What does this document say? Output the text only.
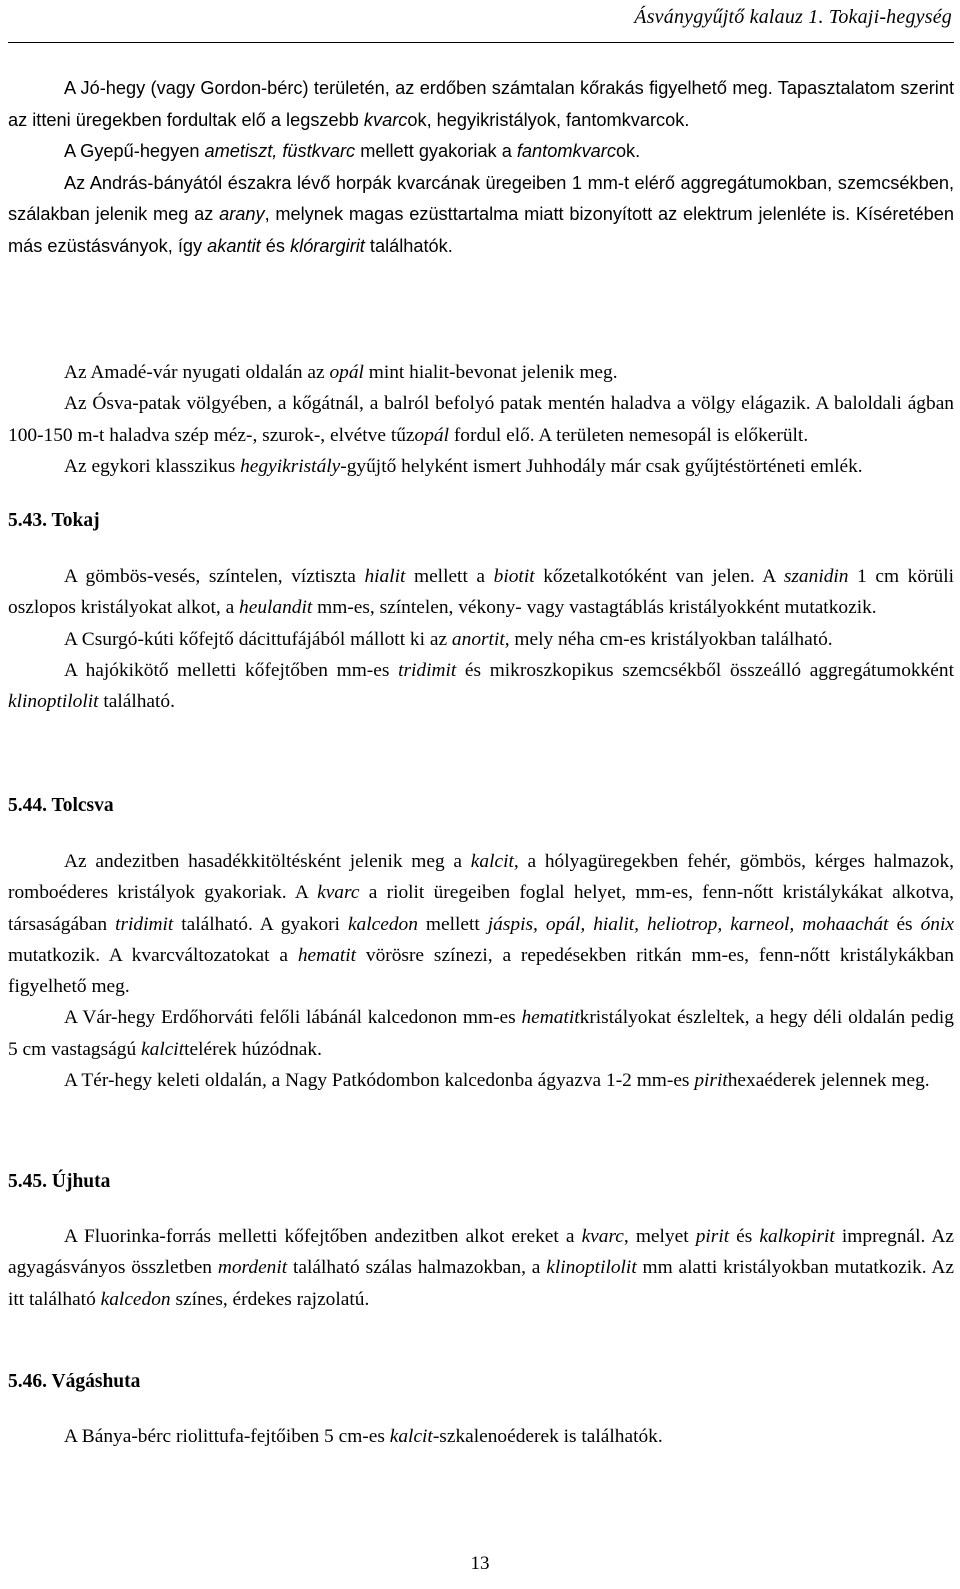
Ásványgyűjtő kalauz 1. Tokaji-hegység

A Jó-hegy (vagy Gordon-bérc) területén, az erdőben számtalan kőrakás figyelhető meg. Tapasztalatom szerint az itteni üregekben fordultak elő a legszebb kvarcok, hegyikristályok, fantomkvarcok.

A Gyepű-hegyen ametiszt, füstkvarc mellett gyakoriak a fantomkvarcok.

Az András-bányától északra lévő horpák kvarcának üregeiben 1 mm-t elérő aggregátumokban, szemcsékben, szálakban jelenik meg az arany, melynek magas ezüsttartalma miatt bizonyított az elektrum jelenléte is. Kíséretében más ezüstásványok, így akantit és klórargirit találhatók.

Az Amadé-vár nyugati oldalán az opál mint hialit-bevonat jelenik meg.

Az Ósva-patak völgyében, a kőgátnál, a balról befolyó patak mentén haladva a völgy elágazik. A baloldali ágban 100-150 m-t haladva szép méz-, szurok-, elvétve tűzopál fordul elő. A területen nemesopál is előkerült.

Az egykori klasszikus hegyikristály-gyűjtő helyként ismert Juhhodály már csak gyűjtéstörténeti emlék.

5.43. Tokaj

A gömbös-vesés, színtelen, víztiszta hialit mellett a biotit kőzetalkotóként van jelen. A szanidin 1 cm körüli oszlopos kristályokat alkot, a heulandit mm-es, színtelen, vékony- vagy vastagtáblás kristályokként mutatkozik.

A Csurgó-kúti kőfejtő dácittufájából mállott ki az anortit, mely néha cm-es kristályokban található.

A hajókikötő melletti kőfejtőben mm-es tridimit és mikroszkopikus szemcsékből összeálló aggregátumokként klinoptilolit található.

5.44. Tolcsva

Az andezitben hasadékkitöltésként jelenik meg a kalcit, a hólyagüregekben fehér, gömbös, kérges halmazok, romboéderes kristályok gyakoriak. A kvarc a riolit üregeiben foglal helyet, mm-es, fenn-nőtt kristálykákat alkotva, társaságában tridimit található. A gyakori kalcedon mellett jáspis, opál, hialit, heliotrop, karneol, mohaachát és ónix mutatkozik. A kvarcváltozatokat a hematit vörösre színezi, a repedésekben ritkán mm-es, fenn-nőtt kristálykákban figyelhető meg.

A Vár-hegy Erdőhorváti felőli lábánál kalcedonon mm-es hematitkristályokat észleltek, a hegy déli oldalán pedig 5 cm vastagságú kalcittelérek húzódnak.

A Tér-hegy keleti oldalán, a Nagy Patkódombon kalcedonba ágyazva 1-2 mm-es pirithexaéderek jelennek meg.

5.45. Újhuta

A Fluorinka-forrás melletti kőfejtőben andezitben alkot ereket a kvarc, melyet pirit és kalkopirit impregnál. Az agyagásványos összletben mordenit található szálas halmazokban, a klinoptilolit mm alatti kristályokban mutatkozik. Az itt található kalcedon színes, érdekes rajzolatú.

5.46. Vágáshuta

A Bánya-bérc riolittufa-fejtőiben 5 cm-es kalcit-szkalenoéderek is találhatók.

13
